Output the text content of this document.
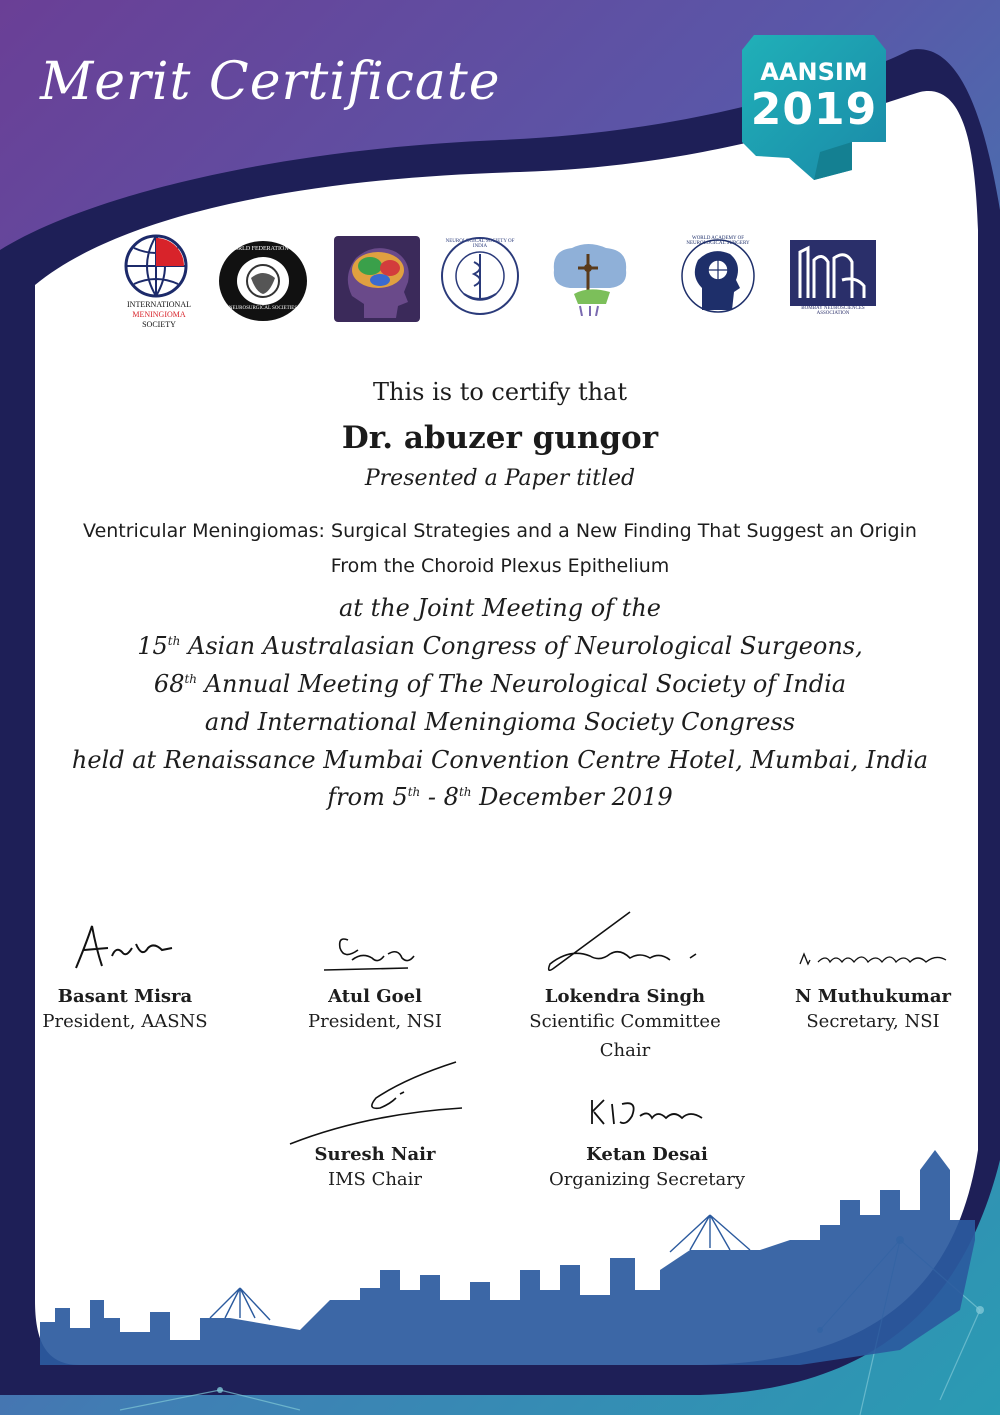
Merit Certificate	AANSIM
2019
INTERNATIONAL
MENINGIOMA
SOCIETY
WORLD FEDERATION OF
NEUROSURGICAL SOCIETIES
NEUROLOGICAL SOCIETY OF INDIA
WORLD ACADEMY OF NEUROLOGICAL SURGERY
BOMBAY NEUROSCIENCES ASSOCIATION
This is to certify that
Dr. abuzer gungor
Presented a Paper titled
Ventricular Meningiomas: Surgical Strategies and a New Finding That Suggest an Origin
From the Choroid Plexus Epithelium
at the Joint Meeting of the
15th Asian Australasian Congress of Neurological Surgeons,
68th Annual Meeting of The Neurological Society of India
and International Meningioma Society Congress
held at Renaissance Mumbai Convention Centre Hotel, Mumbai, India
from 5th - 8th December 2019
Basant Misra
President, AASNS
Atul Goel
President, NSI
Lokendra Singh
Scientific Committee
Chair
N Muthukumar
Secretary, NSI
Suresh Nair
IMS Chair
Ketan Desai
Organizing Secretary
